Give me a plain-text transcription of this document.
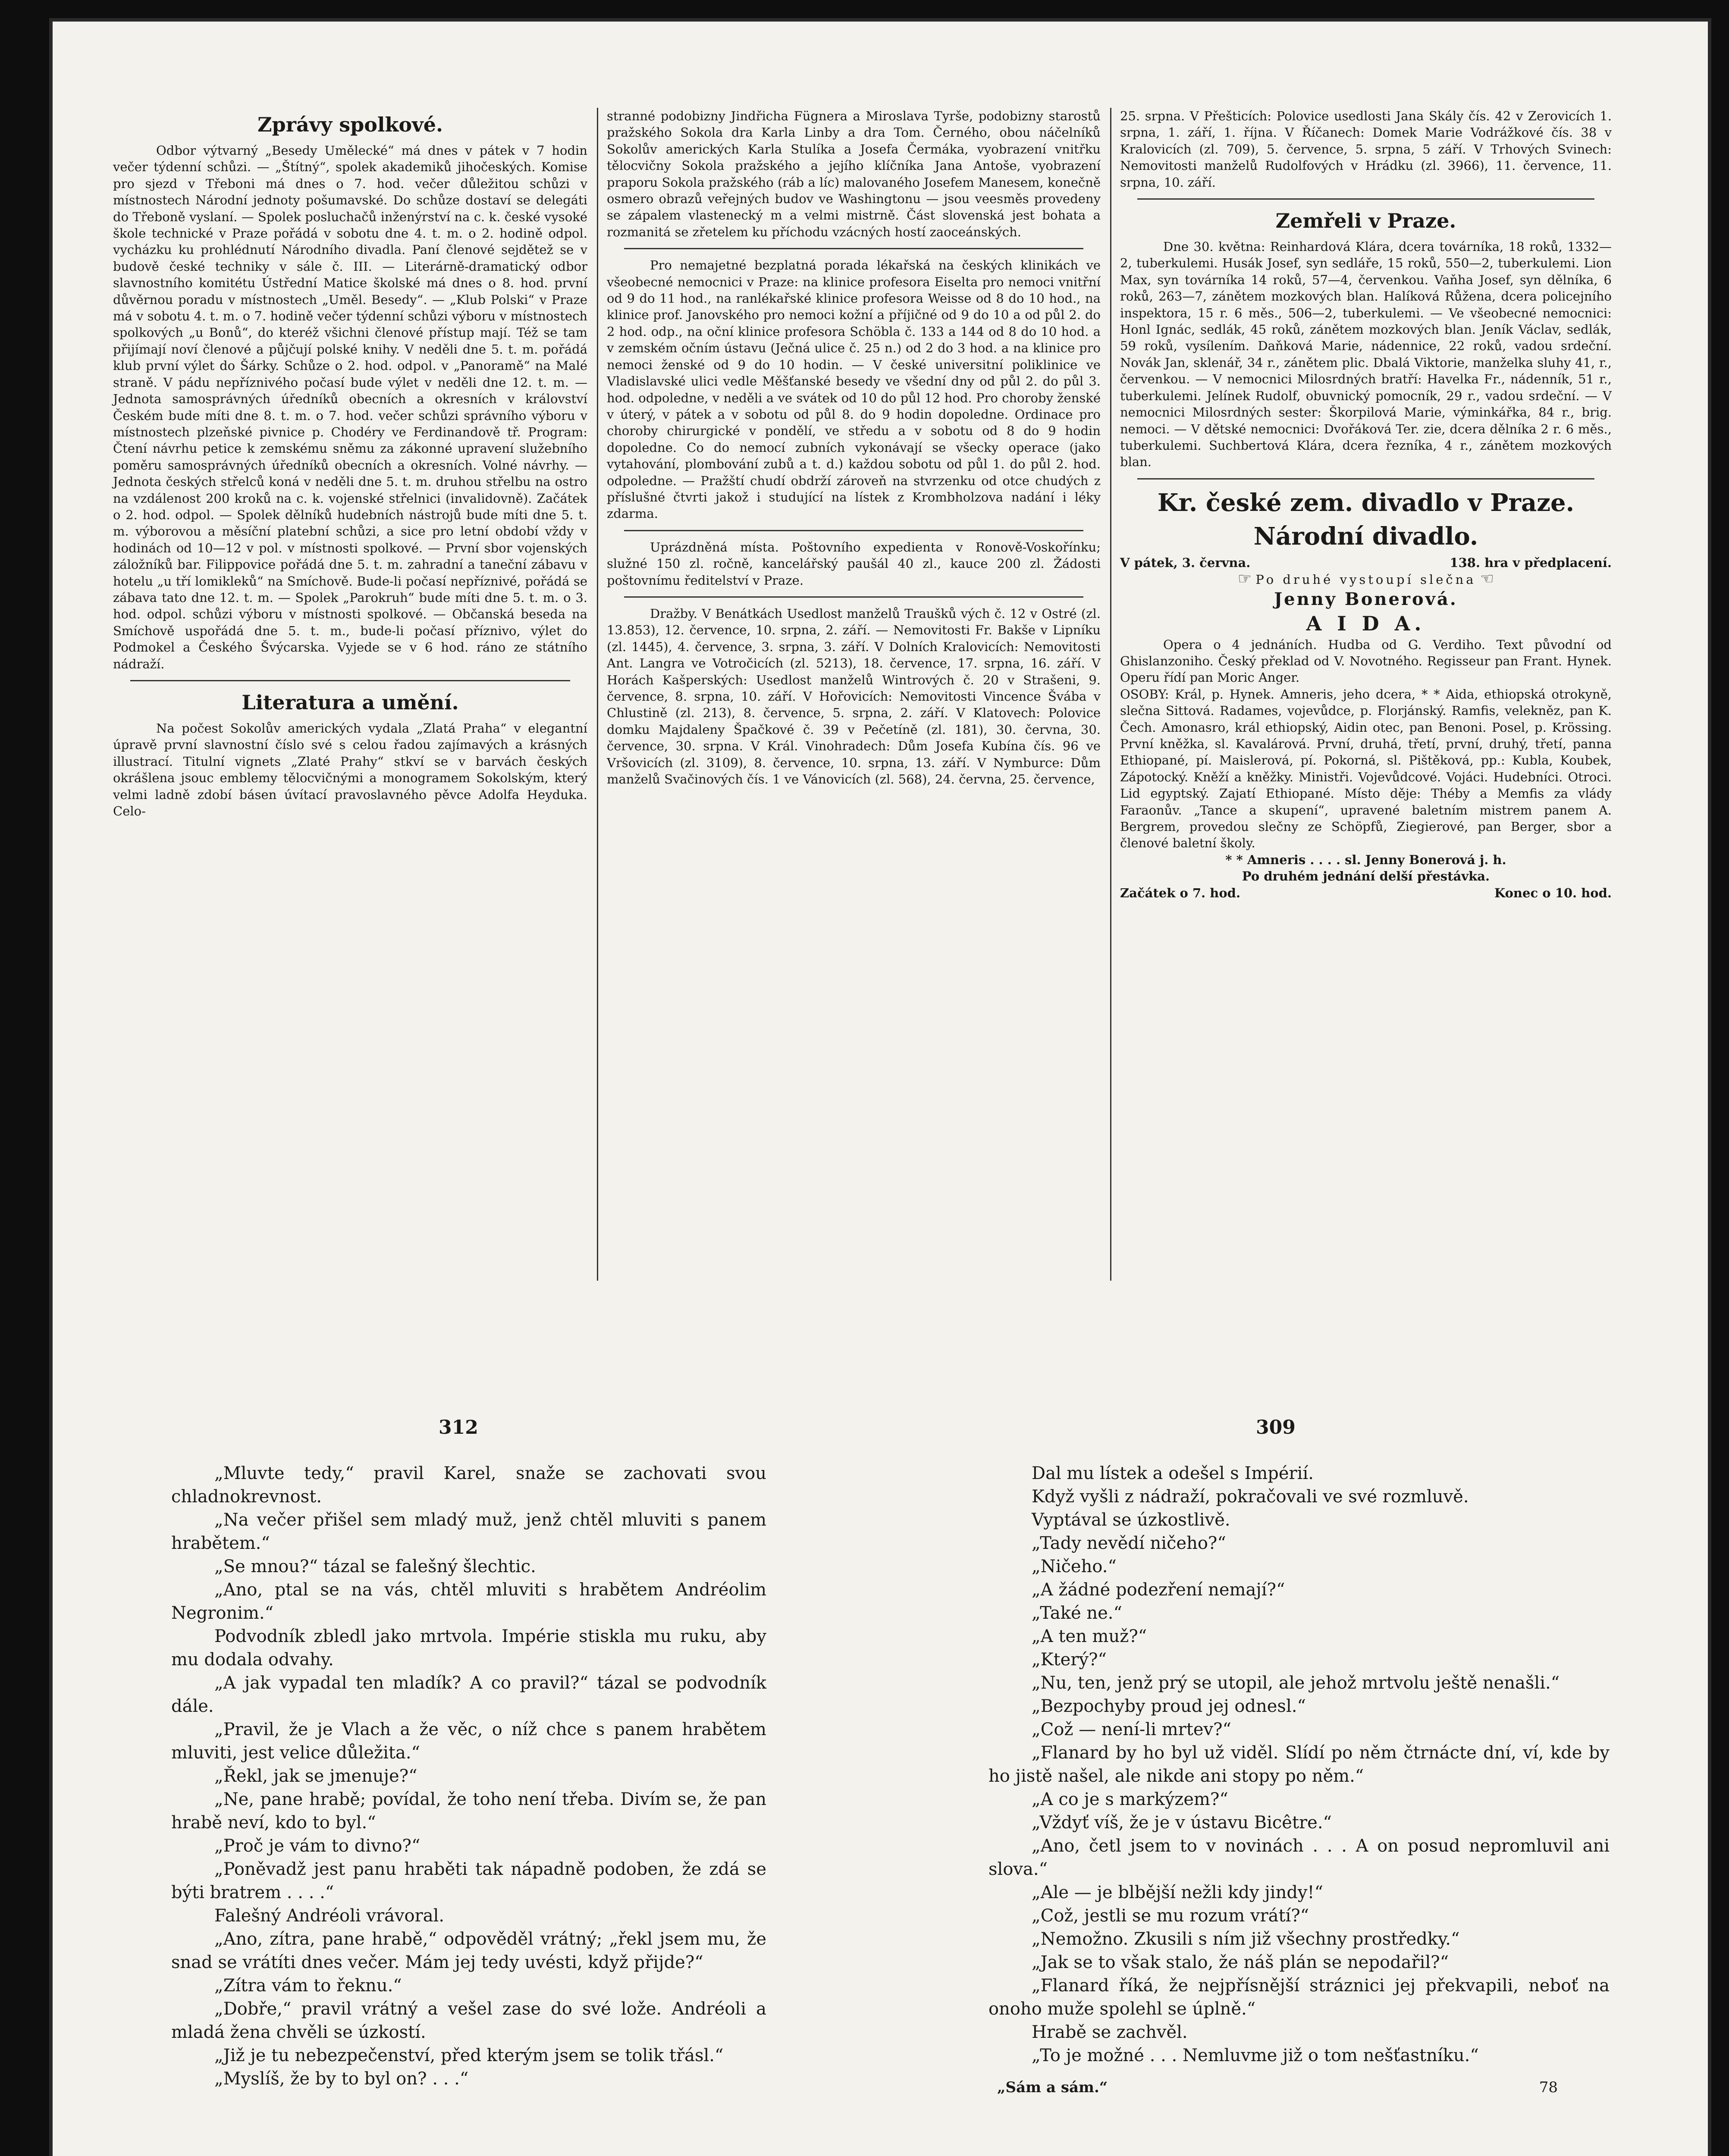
Zprávy spolkové.

Odbor výtvarný „Besedy Umělecké“ má dnes v pátek v 7 hodin večer týdenní schůzi. — „Štítný“, spolek akademiků jihočeských. Komise pro sjezd v Třeboni má dnes o 7. hod. večer důležitou schůzi v místnostech Národní jednoty pošumavské. Do schůze dostaví se delegáti do Třeboně vyslaní. — Spolek posluchačů inženýrství na c. k. české vysoké škole technické v Praze pořádá v sobotu dne 4. t. m. o 2. hodině odpol. vycházku ku prohlédnutí Národního divadla. Paní členové sejdětež se v budově české techniky v sále č. III. — Literárně-dramatický odbor slavnostního komitétu Ústřední Matice školské má dnes o 8. hod. první důvěrnou poradu v místnostech „Uměl. Besedy“. — „Klub Polski“ v Praze má v sobotu 4. t. m. o 7. hodině večer týdenní schůzi výboru v místnostech spolkových „u Bonů“, do kteréž všichni členové přístup mají. Též se tam přijímají noví členové a půjčují polské knihy. V neděli dne 5. t. m. pořádá klub první výlet do Šárky. Schůze o 2. hod. odpol. v „Panoramě“ na Malé straně. V pádu nepříznivého počasí bude výlet v neděli dne 12. t. m. — Jednota samosprávných úředníků obecních a okresních v království Českém bude míti dne 8. t. m. o 7. hod. večer schůzi správního výboru v místnostech plzeňské pivnice p. Chodéry ve Ferdinandově tř. Program: Čtení návrhu petice k zemskému sněmu za zákonné upravení služebního poměru samosprávných úředníků obecních a okresních. Volné návrhy. — Jednota českých střelců koná v neděli dne 5. t. m. druhou střelbu na ostro na vzdálenost 200 kroků na c. k. vojenské střelnici (invalidovně). Začátek o 2. hod. odpol. — Spolek dělníků hudebních nástrojů bude míti dne 5. t. m. výborovou a měsíční platební schůzi, a sice pro letní období vždy v hodinách od 10—12 v pol. v místnosti spolkové. — První sbor vojenských záložníků bar. Filippovice pořádá dne 5. t. m. zahradní a taneční zábavu v hotelu „u tří lomikleků“ na Smíchově. Bude-li počasí nepříznivé, pořádá se zábava tato dne 12. t. m. — Spolek „Parokruh“ bude míti dne 5. t. m. o 3. hod. odpol. schůzi výboru v místnosti spolkové. — Občanská beseda na Smíchově uspořádá dne 5. t. m., bude-li počasí příznivo, výlet do Podmokel a Českého Švýcarska. Vyjede se v 6 hod. ráno ze státního nádraží.

Literatura a umění.

Na počest Sokolův amerických vydala „Zlatá Praha“ v elegantní úpravě první slavnostní číslo své s celou řadou zajímavých a krásných illustrací. Titulní vignets „Zlaté Prahy“ stkví se v barvách českých okrášlena jsouc emblemy tělocvičnými a monogramem Sokolským, který velmi ladně zdobí básen úvítací pravoslavného pěvce Adolfa Heyduka. Celo-

stranné podobizny Jindřicha Fügnera a Miroslava Tyrše, podobizny starostů pražského Sokola dra Karla Linby a dra Tom. Černého, obou náčelníků Sokolův amerických Karla Stulíka a Josefa Čermáka, vyobrazení vnitřku tělocvičny Sokola pražského a jejího klíčníka Jana Antoše, vyobrazení praporu Sokola pražského (ráb a líc) malovaného Josefem Manesem, konečně osmero obrazů veřejných budov ve Washingtonu — jsou veesměs provedeny se zápalem vlastenecký m a velmi mistrně. Část slovenská jest bohata a rozmanitá se zřetelem ku příchodu vzácných hostí zaoceánských.

Pro nemajetné bezplatná porada lékařská na českých klinikách ve všeobecné nemocnici v Praze: na klinice profesora Eiselta pro nemoci vnitřní od 9 do 11 hod., na ranlékařské klinice profesora Weisse od 8 do 10 hod., na klinice prof. Janovského pro nemoci kožní a příjičné od 9 do 10 a od půl 2. do 2 hod. odp., na oční klinice profesora Schöbla č. 133 a 144 od 8 do 10 hod. a v zemském očním ústavu (Ječná ulice č. 25 n.) od 2 do 3 hod. a na klinice pro nemoci ženské od 9 do 10 hodin. — V české universitní poliklinice ve Vladislavské ulici vedle Měšťanské besedy ve všední dny od půl 2. do půl 3. hod. odpoledne, v neděli a ve svátek od 10 do půl 12 hod. Pro choroby ženské v úterý, v pátek a v sobotu od půl 8. do 9 hodin dopoledne. Ordinace pro choroby chirurgické v pondělí, ve středu a v sobotu od 8 do 9 hodin dopoledne. Co do nemocí zubních vykonávají se všecky operace (jako vytahování, plombování zubů a t. d.) každou sobotu od půl 1. do půl 2. hod. odpoledne. — Pražští chudí obdrží zároveň na stvrzenku od otce chudých z příslušné čtvrti jakož i studující na lístek z Krombholzova nadání i léky zdarma.

Uprázdněná místa. Poštovního expedienta v Ronově-Voskořínku; služné 150 zl. ročně, kancelářský paušál 40 zl., kauce 200 zl. Žádosti poštovnímu ředitelství v Praze.

Dražby. V Benátkách Usedlost manželů Traušků vých č. 12 v Ostré (zl. 13.853), 12. července, 10. srpna, 2. září. — Nemovitosti Fr. Bakše v Lipníku (zl. 1445), 4. července, 3. srpna, 3. září. V Dolních Kralovicích: Nemovitosti Ant. Langra ve Votročicích (zl. 5213), 18. července, 17. srpna, 16. září. V Horách Kašperských: Usedlost manželů Wintrových č. 20 v Strašeni, 9. července, 8. srpna, 10. září. V Hořovicích: Nemovitosti Vincence Švába v Chlustině (zl. 213), 8. července, 5. srpna, 2. září. V Klatovech: Polovice domku Majdaleny Špačkové č. 39 v Pečetíně (zl. 181), 30. června, 30. července, 30. srpna. V Král. Vinohradech: Dům Josefa Kubína čís. 96 ve Vršovicích (zl. 3109), 8. července, 10. srpna, 13. září. V Nymburce: Dům manželů Svačinových čís. 1 ve Vánovicích (zl. 568), 24. června, 25. července,

25. srpna. V Přešticích: Polovice usedlosti Jana Skály čís. 42 v Zerovicích 1. srpna, 1. září, 1. října. V Říčanech: Domek Marie Vodrážkové čís. 38 v Kralovicích (zl. 709), 5. července, 5. srpna, 5 září. V Trhových Svinech: Nemovitosti manželů Rudolfových v Hrádku (zl. 3966), 11. července, 11. srpna, 10. září.

Zemřeli v Praze.

Dne 30. května: Reinhardová Klára, dcera továrníka, 18 roků, 1332—2, tuberkulemi. Husák Josef, syn sedláře, 15 roků, 550—2, tuberkulemi. Lion Max, syn továrníka 14 roků, 57—4, červenkou. Vaňha Josef, syn dělníka, 6 roků, 263—7, zánětem mozkových blan. Halíková Růžena, dcera policejního inspektora, 15 r. 6 měs., 506—2, tuberkulemi. — Ve všeobecné nemocnici: Honl Ignác, sedlák, 45 roků, zánětem mozkových blan. Jeník Václav, sedlák, 59 roků, vysílením. Daňková Marie, nádennice, 22 roků, vadou srdeční. Novák Jan, sklenář, 34 r., zánětem plic. Dbalá Viktorie, manželka sluhy 41, r., červenkou. — V nemocnici Milosrdných bratří: Havelka Fr., nádenník, 51 r., tuberkulemi. Jelínek Rudolf, obuvnický pomocník, 29 r., vadou srdeční. — V nemocnici Milosrdných sester: Škorpilová Marie, výminkářka, 84 r., brig. nemoci. — V dětské nemocnici: Dvořáková Ter. zie, dcera dělníka 2 r. 6 měs., tuberkulemi. Suchbertová Klára, dcera řezníka, 4 r., zánětem mozkových blan.

Kr. české zem. divadlo v Praze.
Národní divadlo.
V pátek, 3. června.	138. hra v předplacení.
☞ Po druhé vystoupí slečna ☜
Jenny Bonerová.
A I D A.

Opera o 4 jednáních. Hudba od G. Verdiho. Text původní od Ghislanzoniho. Český překlad od V. Novotného. Regisseur pan Frant. Hynek. Operu řídí pan Moric Anger.

OSOBY: Král, p. Hynek. Amneris, jeho dcera, * * Aida, ethiopská otrokyně, slečna Sittová. Radames, vojevůdce, p. Florjánský. Ramfis, velekněz, pan K. Čech. Amonasro, král ethiopský, Aidin otec, pan Benoni. Posel, p. Krössing. První kněžka, sl. Kavalárová. První, druhá, třetí, první, druhý, třetí, panna Ethiopané, pí. Maislerová, pí. Pokorná, sl. Pištěková, pp.: Kubla, Koubek, Zápotocký. Kněží a kněžky. Ministři. Vojevůdcové. Vojáci. Hudebníci. Otroci. Lid egyptský. Zajatí Ethiopané. Místo děje: Théby a Memfis za vlády Faraonův. „Tance a skupení“, upravené baletním mistrem panem A. Bergrem, provedou slečny ze Schöpfů, Ziegierové, pan Berger, sbor a členové baletní školy.

* * Amneris . . . . sl. Jenny Bonerová j. h.

Po druhém jednání delší přestávka.

Začátek o 7. hod.	Konec o 10. hod.
312

„Mluvte tedy,“ pravil Karel, snaže se zachovati svou chladnokrevnost.

„Na večer přišel sem mladý muž, jenž chtěl mluviti s panem hrabětem.“

„Se mnou?“ tázal se falešný šlechtic.

„Ano, ptal se na vás, chtěl mluviti s hrabětem Andréolim Negronim.“

Podvodník zbledl jako mrtvola. Impérie stiskla mu ruku, aby mu dodala odvahy.

„A jak vypadal ten mladík? A co pravil?“ tázal se podvodník dále.

„Pravil, že je Vlach a že věc, o níž chce s panem hrabětem mluviti, jest velice důležita.“

„Řekl, jak se jmenuje?“

„Ne, pane hrabě; povídal, že toho není třeba. Divím se, že pan hrabě neví, kdo to byl.“

„Proč je vám to divno?“

„Poněvadž jest panu hraběti tak nápadně podoben, že zdá se býti bratrem . . . .“

Falešný Andréoli vrávoral.

„Ano, zítra, pane hrabě,“ odpověděl vrátný; „řekl jsem mu, že snad se vrátíti dnes večer. Mám jej tedy uvésti, když přijde?“

„Zítra vám to řeknu.“

„Dobře,“ pravil vrátný a vešel zase do své lože. Andréoli a mladá žena chvěli se úzkostí.

„Již je tu nebezpečenství, před kterým jsem se tolik třásl.“

„Myslíš, že by to byl on? . . .“

309

Dal mu lístek a odešel s Impérií.

Když vyšli z nádraží, pokračovali ve své rozmluvě.

Vyptával se úzkostlivě.

„Tady nevědí ničeho?“

„Ničeho.“

„A žádné podezření nemají?“

„Také ne.“

„A ten muž?“

„Který?“

„Nu, ten, jenž prý se utopil, ale jehož mrtvolu ještě nenašli.“

„Bezpochyby proud jej odnesl.“

„Což — není-li mrtev?“

„Flanard by ho byl už viděl. Slídí po něm čtrnácte dní, ví, kde by ho jistě našel, ale nikde ani stopy po něm.“

„A co je s markýzem?“

„Vždyť víš, že je v ústavu Bicêtre.“

„Ano, četl jsem to v novinách . . . A on posud nepromluvil ani slova.“

„Ale — je blbější nežli kdy jindy!“

„Což, jestli se mu rozum vrátí?“

„Nemožno. Zkusili s ním již všechny prostředky.“

„Jak se to však stalo, že náš plán se nepodařil?“

„Flanard říká, že nejpřísnější stráznici jej překvapili, neboť na onoho muže spolehl se úplně.“

Hrabě se zachvěl.

„To je možné . . . Nemluvme již o tom nešťastníku.“

„Sám a sám.“	78
